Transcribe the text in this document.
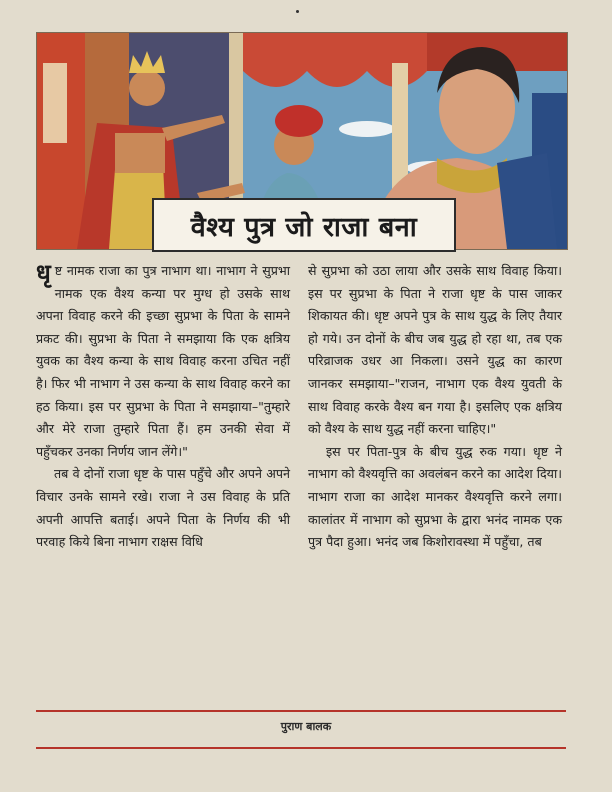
वैश्य पुत्र जो राजा बना

धृष्ट नामक राजा का पुत्र नाभाग था। नाभाग ने सुप्रभा नामक एक वैश्य कन्या पर मुग्ध हो उसके साथ अपना विवाह करने की इच्छा सुप्रभा के पिता के सामने प्रकट की। सुप्रभा के पिता ने समझाया कि एक क्षत्रिय युवक का वैश्य कन्या के साथ विवाह करना उचित नहीं है। फिर भी नाभाग ने उस कन्या के साथ विवाह करने का हठ किया। इस पर सुप्रभा के पिता ने समझाया–"तुम्हारे और मेरे राजा तुम्हारे पिता हैं। हम उनकी सेवा में पहुँचकर उनका निर्णय जान लेंगे।"

तब वे दोनों राजा धृष्ट के पास पहुँचे और अपने अपने विचार उनके सामने रखे। राजा ने उस विवाह के प्रति अपनी आपत्ति बताई। अपने पिता के निर्णय की भी परवाह किये बिना नाभाग राक्षस विधि

से सुप्रभा को उठा लाया और उसके साथ विवाह किया। इस पर सुप्रभा के पिता ने राजा धृष्ट के पास जाकर शिकायत की। धृष्ट अपने पुत्र के साथ युद्ध के लिए तैयार हो गये। उन दोनों के बीच जब युद्ध हो रहा था, तब एक परिव्राजक उधर आ निकला। उसने युद्ध का कारण जानकर समझाया–"राजन, नाभाग एक वैश्य युवती के साथ विवाह करके वैश्य बन गया है। इसलिए एक क्षत्रिय को वैश्य के साथ युद्ध नहीं करना चाहिए।"

इस पर पिता-पुत्र के बीच युद्ध रुक गया। धृष्ट ने नाभाग को वैश्यवृत्ति का अवलंबन करने का आदेश दिया। नाभाग राजा का आदेश मानकर वैश्यवृत्ति करने लगा। कालांतर में नाभाग को सुप्रभा के द्वारा भनंद नामक एक पुत्र पैदा हुआ। भनंद जब किशोरावस्था में पहुँचा, तब

पुराण बालक
